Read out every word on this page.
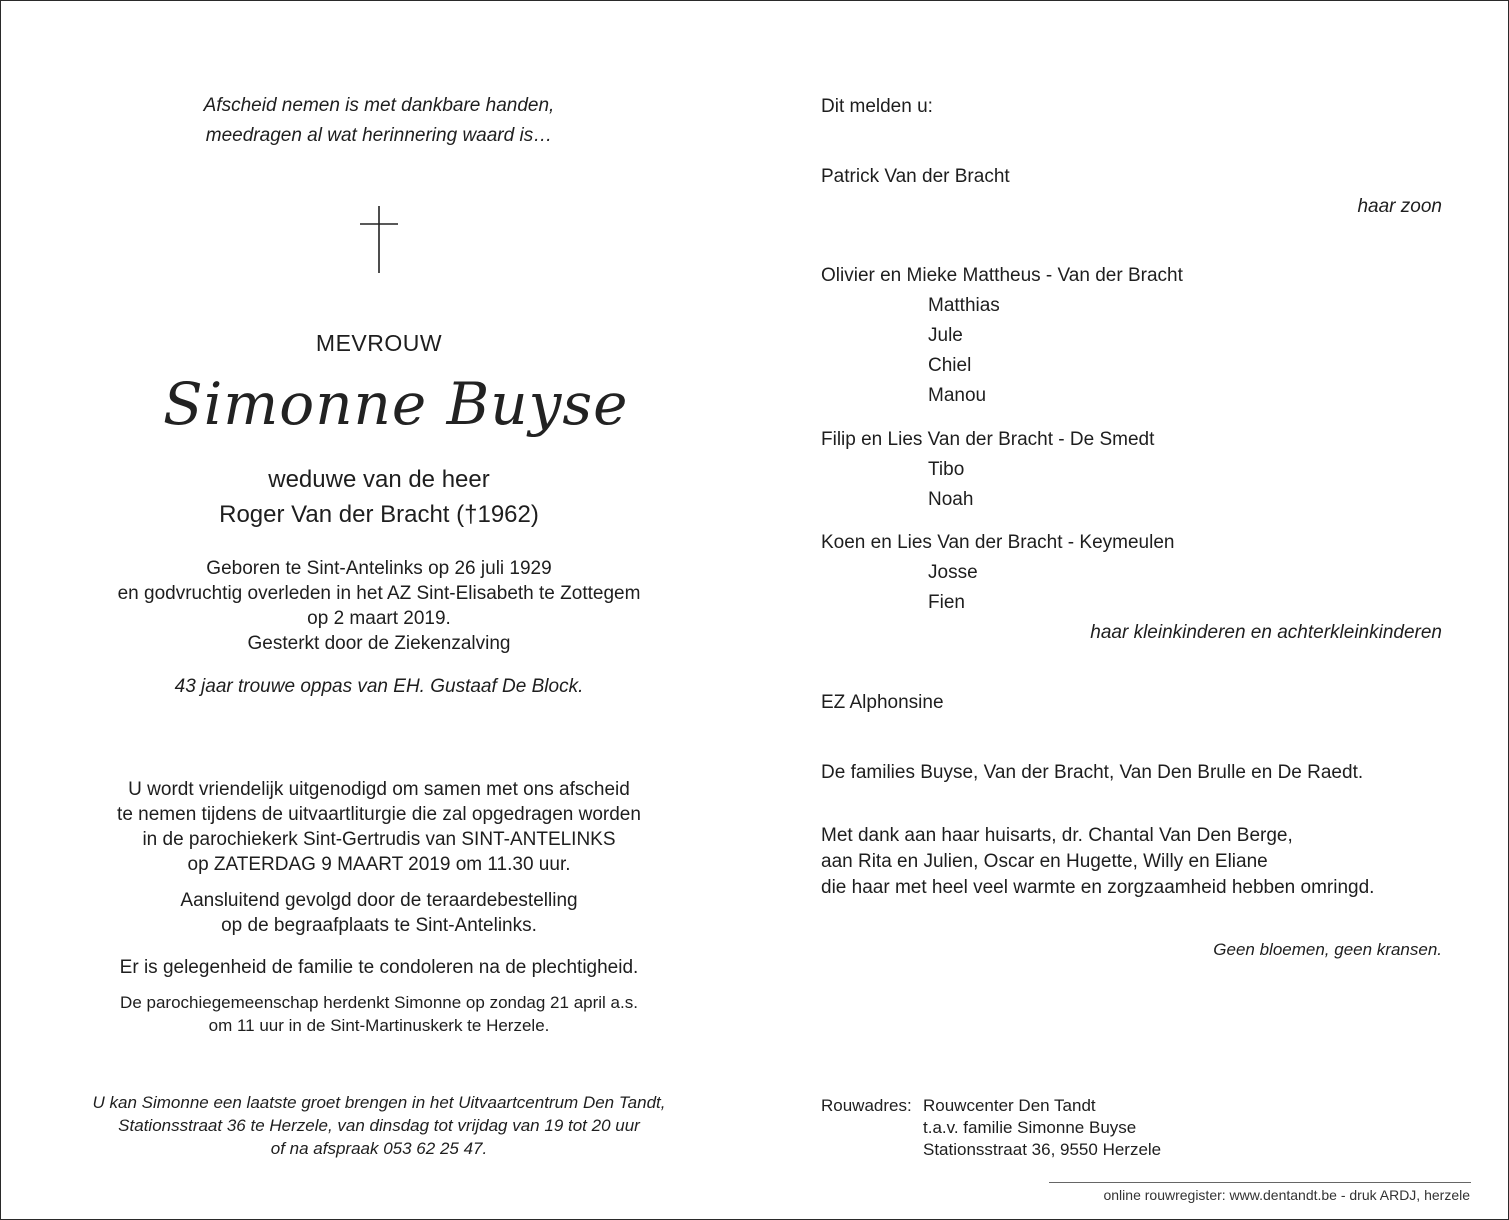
Afscheid nemen is met dankbare handen,
meedragen al wat herinnering waard is…
MEVROUW
Simonne Buyse
weduwe van de heer
Roger Van der Bracht (†1962)
Geboren te Sint-Antelinks op 26 juli 1929
en godvruchtig overleden in het AZ Sint-Elisabeth te Zottegem
op 2 maart 2019.
Gesterkt door de Ziekenzalving
43 jaar trouwe oppas van EH. Gustaaf De Block.
U wordt vriendelijk uitgenodigd om samen met ons afscheid
te nemen tijdens de uitvaartliturgie die zal opgedragen worden
in de parochiekerk Sint-Gertrudis van SINT-ANTELINKS
op ZATERDAG 9 MAART 2019 om 11.30 uur.
Aansluitend gevolgd door de teraardebestelling
op de begraafplaats te Sint-Antelinks.
Er is gelegenheid de familie te condoleren na de plechtigheid.
De parochiegemeenschap herdenkt Simonne op zondag 21 april a.s.
om 11 uur in de Sint-Martinuskerk te Herzele.
U kan Simonne een laatste groet brengen in het Uitvaartcentrum Den Tandt,
Stationsstraat 36 te Herzele, van dinsdag tot vrijdag van 19 tot 20 uur
of na afspraak 053 62 25 47.
Dit melden u:
Patrick Van der Bracht
haar zoon
Olivier en Mieke Mattheus - Van der Bracht
Matthias
Jule
Chiel
Manou
Filip en Lies Van der Bracht - De Smedt
Tibo
Noah
Koen en Lies Van der Bracht - Keymeulen
Josse
Fien
haar kleinkinderen en achterkleinkinderen
EZ Alphonsine
De families Buyse, Van der Bracht, Van Den Brulle en De Raedt.
Met dank aan haar huisarts, dr. Chantal Van Den Berge,
aan Rita en Julien, Oscar en Hugette, Willy en Eliane
die haar met heel veel warmte en zorgzaamheid hebben omringd.
Geen bloemen, geen kransen.
Rouwadres: Rouwcenter Den Tandt
t.a.v. familie Simonne Buyse
Stationsstraat 36, 9550 Herzele
online rouwregister: www.dentandt.be - druk ARDJ, herzele
